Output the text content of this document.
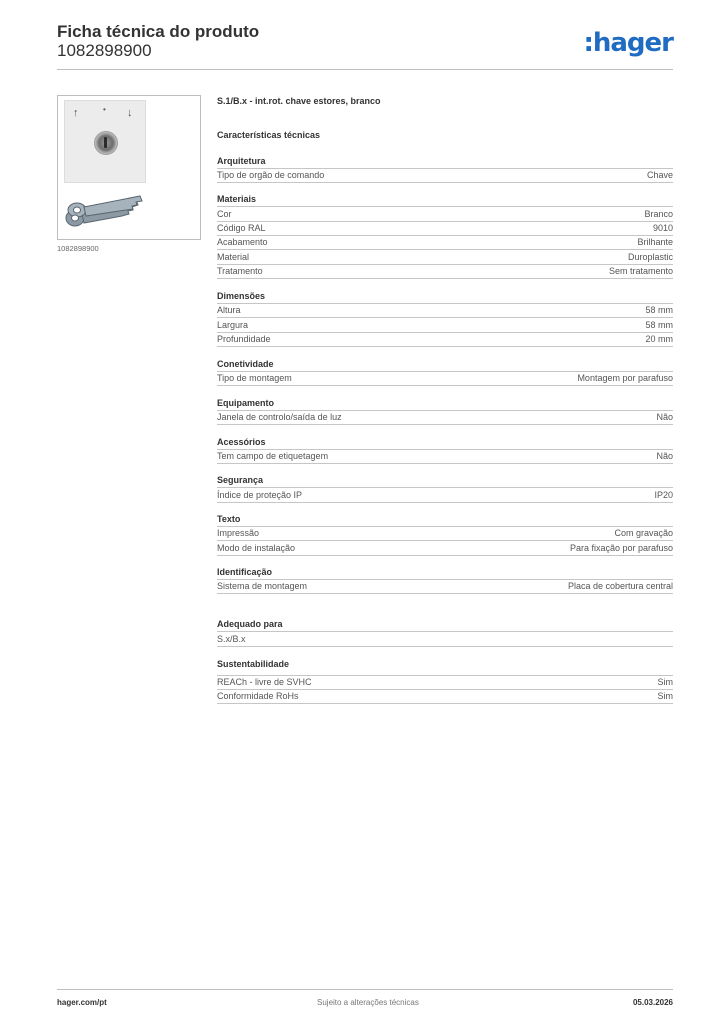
Ficha técnica do produto
1082898900	:hager
↑	• ↓
1082898900
S.1/B.x - int.rot. chave estores, branco
Características técnicas
Arquitetura
Tipo de orgão de comando	Chave
Materiais
Cor	Branco
Código RAL	9010
Acabamento	Brilhante
Material	Duroplastic
Tratamento	Sem tratamento
Dimensões
Altura	58 mm
Largura	58 mm
Profundidade	20 mm
Conetividade
Tipo de montagem	Montagem por parafuso
Equipamento
Janela de controlo/saída de luz	Não
Acessórios
Tem campo de etiquetagem	Não
Segurança
Índice de proteção IP	IP20
Texto
Impressão	Com gravação
Modo de instalação	Para fixação por parafuso
Identificação
Sistema de montagem	Placa de cobertura central
Adequado para
S.x/B.x
Sustentabilidade
REACh - livre de SVHC	Sim
Conformidade RoHs	Sim
hager.com/pt	Sujeito a alterações técnicas	05.03.2026
